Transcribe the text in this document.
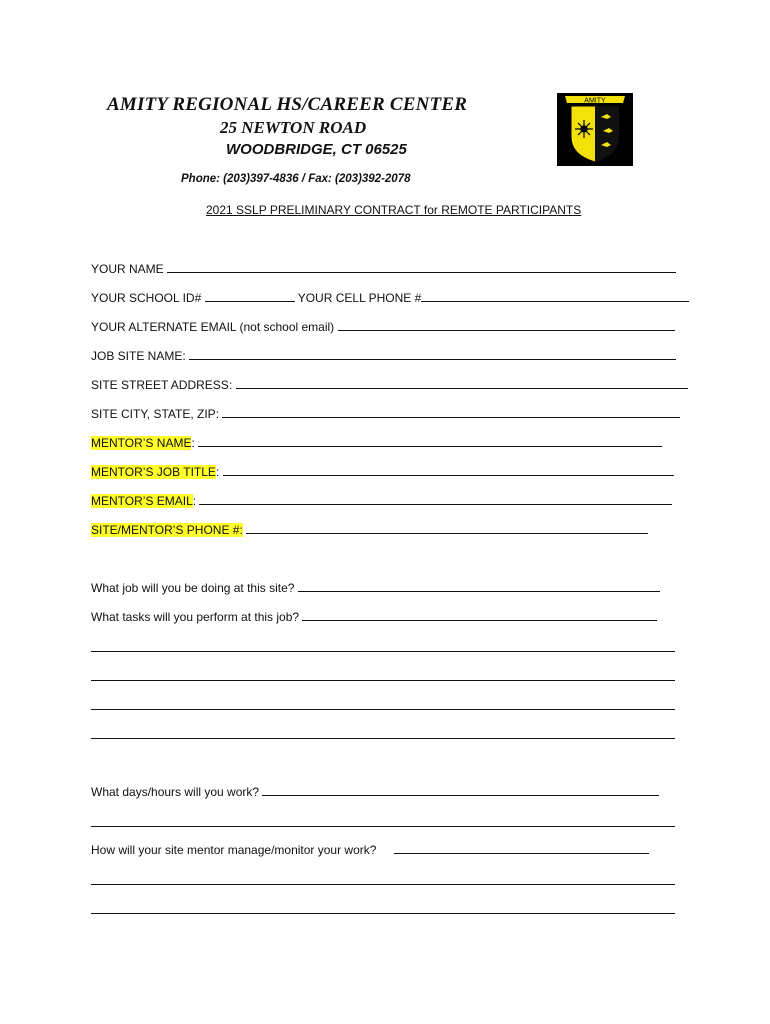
AMITY REGIONAL HS/CAREER CENTER
25 NEWTON ROAD
WOODBRIDGE, CT 06525
Phone: (203)397-4836 / Fax: (203)392-2078
2021 SSLP PRELIMINARY CONTRACT for REMOTE PARTICIPANTS
AMITY
YOUR NAME
YOUR SCHOOL ID#	YOUR CELL PHONE #
YOUR ALTERNATE EMAIL (not school email)
JOB SITE NAME:
SITE STREET ADDRESS:
SITE CITY, STATE, ZIP:
MENTOR’S NAME:
MENTOR’S JOB TITLE:
MENTOR’S EMAIL:
SITE/MENTOR’S PHONE #:
What job will you be doing at this site?
What tasks will you perform at this job?
What days/hours will you work?
How will your site mentor manage/monitor your work?
